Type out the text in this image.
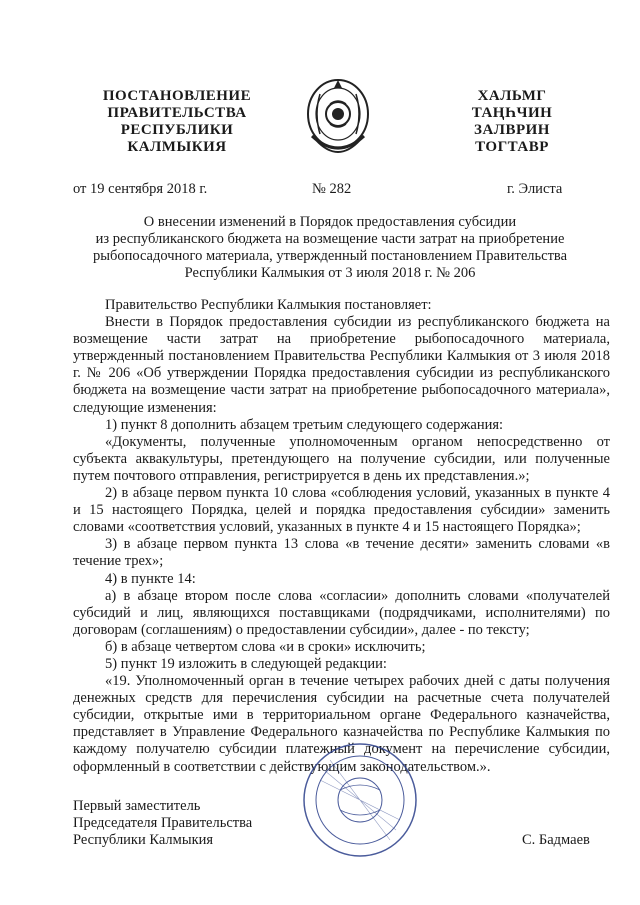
ПОСТАНОВЛЕНИЕ
ПРАВИТЕЛЬСТВА
РЕСПУБЛИКИ
КАЛМЫКИЯ
ХАЛЬМГ
ТАҢҺЧИН
ЗАЛВРИН
ТОГТАВР
от 19 сентября 2018 г.	№ 282	г. Элиста
О внесении изменений в Порядок предоставления субсидии
из республиканского бюджета на возмещение части затрат на приобретение
рыбопосадочного материала, утвержденный постановлением Правительства
Республики Калмыкия от 3 июля 2018 г. № 206

Правительство Республики Калмыкия постановляет:

Внести в Порядок предоставления субсидии из республиканского бюджета на возмещение части затрат на приобретение рыбопосадочного материала, утвержденный постановлением Правительства Республики Калмыкия от 3 июля 2018 г. № 206 «Об утверждении Порядка предоставления субсидии из республиканского бюджета на возмещение части затрат на приобретение рыбопосадочного материала», следующие изменения:

1) пункт 8 дополнить абзацем третьим следующего содержания:

«Документы, полученные уполномоченным органом непосредственно от субъекта аквакультуры, претендующего на получение субсидии, или полученные путем почтового отправления, регистрируется в день их представления.»;

2) в абзаце первом пункта 10 слова «соблюдения условий, указанных в пункте 4 и 15 настоящего Порядка, целей и порядка предоставления субсидии» заменить словами «соответствия условий, указанных в пункте 4 и 15 настоящего Порядка»;

3) в абзаце первом пункта 13 слова «в течение десяти» заменить словами «в течение трех»;

4) в пункте 14:

а) в абзаце втором после слова «согласии» дополнить словами «получателей субсидий и лиц, являющихся поставщиками (подрядчиками, исполнителями) по договорам (соглашениям) о предоставлении субсидии», далее - по тексту;

б) в абзаце четвертом слова «и в сроки» исключить;

5) пункт 19 изложить в следующей редакции:

«19. Уполномоченный орган в течение четырех рабочих дней с даты получения денежных средств для перечисления субсидии на расчетные счета получателей субсидии, открытые ими в территориальном органе Федерального казначейства, представляет в Управление Федерального казначейства по Республике Калмыкия по каждому получателю субсидии платежный документ на перечисление субсидии, оформленный в соответствии с действующим законодательством.».

Первый заместитель
Председателя Правительства
Республики Калмыкия	С. Бадмаев
